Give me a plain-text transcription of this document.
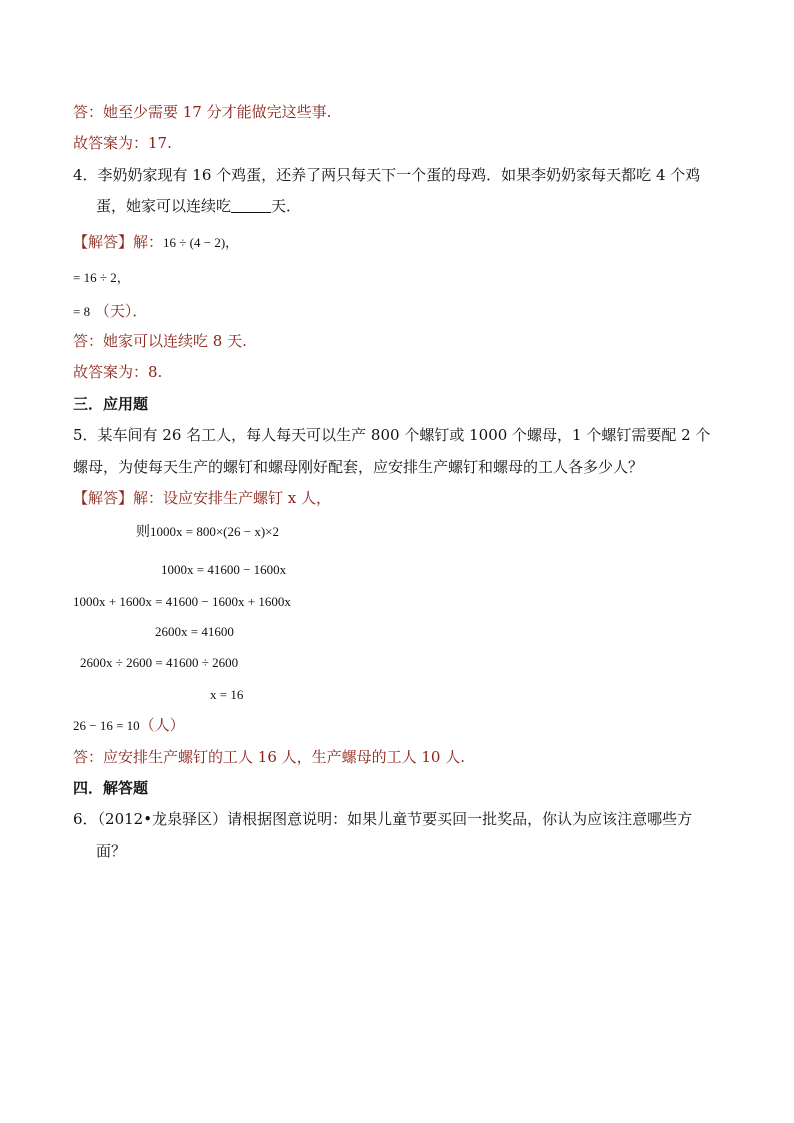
答：她至少需要 17 分才能做完这些事.
故答案为：17.
4．李奶奶家现有 16 个鸡蛋，还养了两只每天下一个蛋的母鸡．如果李奶奶家每天都吃 4 个鸡
蛋，她家可以连续吃	天．
【解答】解：16 ÷ (4 − 2)，
= 16 ÷ 2，
= 8 （天）．
答：她家可以连续吃 8 天.
故答案为：8.
三．应用题
5．某车间有 26 名工人，每人每天可以生产 800 个螺钉或 1000 个螺母，1 个螺钉需要配 2 个
螺母，为使每天生产的螺钉和螺母刚好配套，应安排生产螺钉和螺母的工人各多少人？
【解答】解：设应安排生产螺钉 x 人，
则1000x = 800×(26 − x)×2
1000x = 41600 − 1600x
1000x + 1600x = 41600 − 1600x + 1600x
2600x = 41600
2600x ÷ 2600 = 41600 ÷ 2600
x = 16
26 − 16 = 10（人）
答：应安排生产螺钉的工人 16 人，生产螺母的工人 10 人.
四．解答题
6．（2012•龙泉驿区）请根据图意说明：如果儿童节要买回一批奖品，你认为应该注意哪些方
面？
